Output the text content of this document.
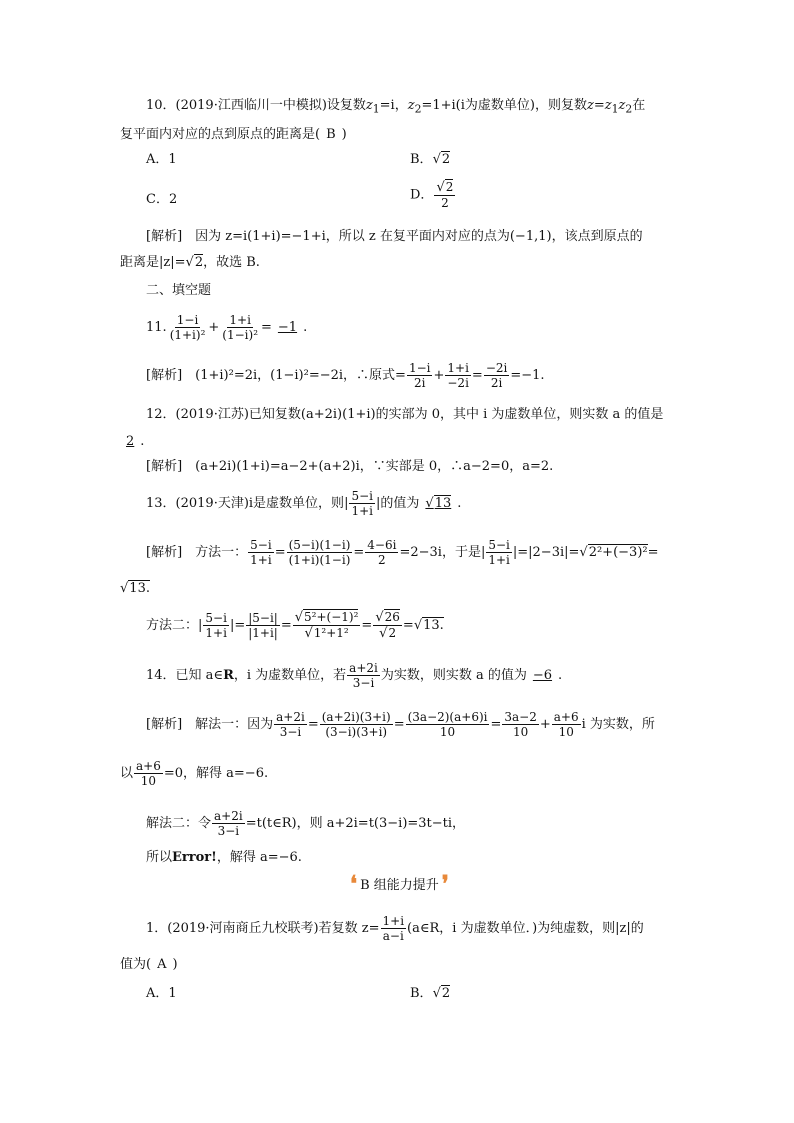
10．(2019·江西临川一中模拟)设复数$z_1=i$，$z_2=1+i(i$为虚数单位)，则复数$z=z_1z_2$在
复平面内对应的点到原点的距离是( B )
A．1	B．√2
C．2	D． $\frac{√2}{2}$
[解析]　因为 z=i(1+i)=−1+i，所以 z 在复平面内对应的点为(−1,1)，该点到原点的
距离是|z|=√2，故选 B.
二、填空题
11. $\frac{1-i}{\text{(1+i)²}} + \frac{1+i}{\text{(1−i)²}} = -1$ .
[解析]　(1+i)²=2i，(1−i)²=−2i，∴原式= $\frac{1-i}{2i} + \frac{1+i}{-2i} = \frac{-2i}{2i} =-1$.
12．(2019·江苏)已知复数(a+2i)(1+i)的实部为 0，其中 i 为虚数单位，则实数 a 的值是
2 .
[解析]　(a+2i)(1+i)=a−2+(a+2)i，∵实部是 0，∴a−2=0，a=2.
13．(2019·天津)i是虚数单位，则| $\frac{5-i}{1+i}$ |的值为 √13 .
[解析]　方法一： $\frac{5-i}{1+i} = \frac{(5-i)(1-i)}{(1+i)(1-i)} = \frac{4-6i}{2} =2-3i$，于是| $\frac{5-i}{1+i} |=|2-3i|=√2^2+(-3)^2=$
√13.
方法二：| $\frac{5-i}{1+i}$ |= $\frac{|5-i|}{|1+i|} = \frac{\text{√5²+(−1)²}}{\text{√1²+1²}} = \frac{√26}{√2} =√13$.
14．已知 a∈R，i 为虚数单位，若 $\frac{a+2i}{3-i}$ 为实数，则实数 a 的值为 −6 .
[解析]　解法一：因为 $\frac{a+2i}{3-i} = \frac{(a+2i)(3+i)}{(3-i)(3+i)} = \frac{(3a-2)(a+6)i}{10} = \frac{3a-2}{10} + \frac{a+6}{10}$ i 为实数，所
以 $\frac{a+6}{10} =0$，解得 a=−6.
解法二：令 $\frac{a+2i}{3-i}$ =t(t∈R)，则 a+2i=t(3−i)=3t−ti，
所以Error!，解得 a=−6.
❛ B 组能力提升 ❜
1．(2019·河南商丘九校联考)若复数 $z= \frac{1+i}{a-i}$ (a∈R，i 为虚数单位．)为纯虚数，则|z|的
值为( A )
A．1	B．√2
